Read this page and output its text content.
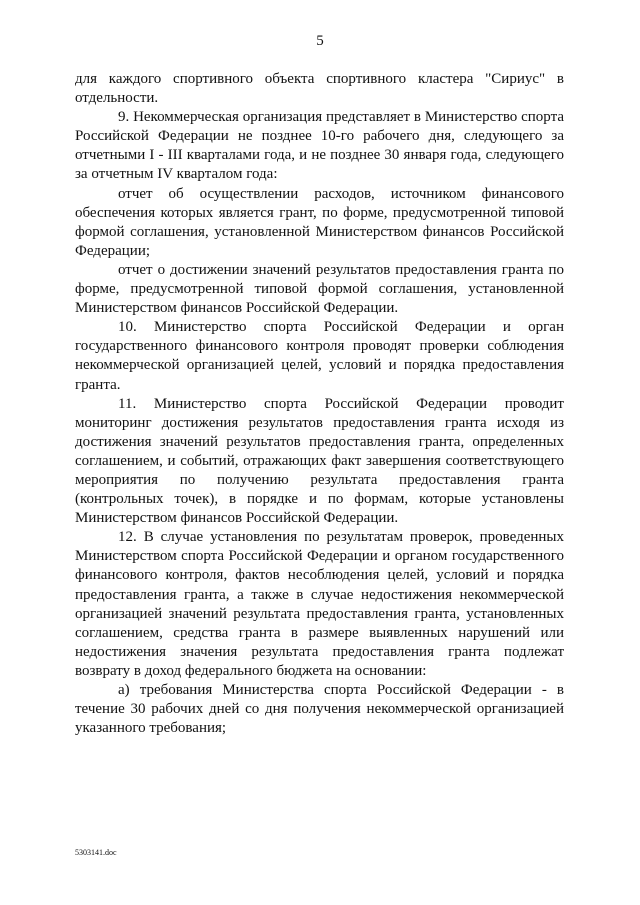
5

для каждого спортивного объекта спортивного кластера "Сириус" в отдельности.

9. Некоммерческая организация представляет в Министерство спорта Российской Федерации не позднее 10-го рабочего дня, следующего за отчетными I - III кварталами года, и не позднее 30 января года, следующего за отчетным IV кварталом года:

отчет об осуществлении расходов, источником финансового обеспечения которых является грант, по форме, предусмотренной типовой формой соглашения, установленной Министерством финансов Российской Федерации;

отчет о достижении значений результатов предоставления гранта по форме, предусмотренной типовой формой соглашения, установленной Министерством финансов Российской Федерации.

10. Министерство спорта Российской Федерации и орган государственного финансового контроля проводят проверки соблюдения некоммерческой организацией целей, условий и порядка предоставления гранта.

11. Министерство спорта Российской Федерации проводит мониторинг достижения результатов предоставления гранта исходя из достижения значений результатов предоставления гранта, определенных соглашением, и событий, отражающих факт завершения соответствующего мероприятия по получению результата предоставления гранта (контрольных точек), в порядке и по формам, которые установлены Министерством финансов Российской Федерации.

12. В случае установления по результатам проверок, проведенных Министерством спорта Российской Федерации и органом государственного финансового контроля, фактов несоблюдения целей, условий и порядка предоставления гранта, а также в случае недостижения некоммерческой организацией значений результата предоставления гранта, установленных соглашением, средства гранта в размере выявленных нарушений или недостижения значения результата предоставления гранта подлежат возврату в доход федерального бюджета на основании:

а) требования Министерства спорта Российской Федерации - в течение 30 рабочих дней со дня получения некоммерческой организацией указанного требования;

5303141.doc
